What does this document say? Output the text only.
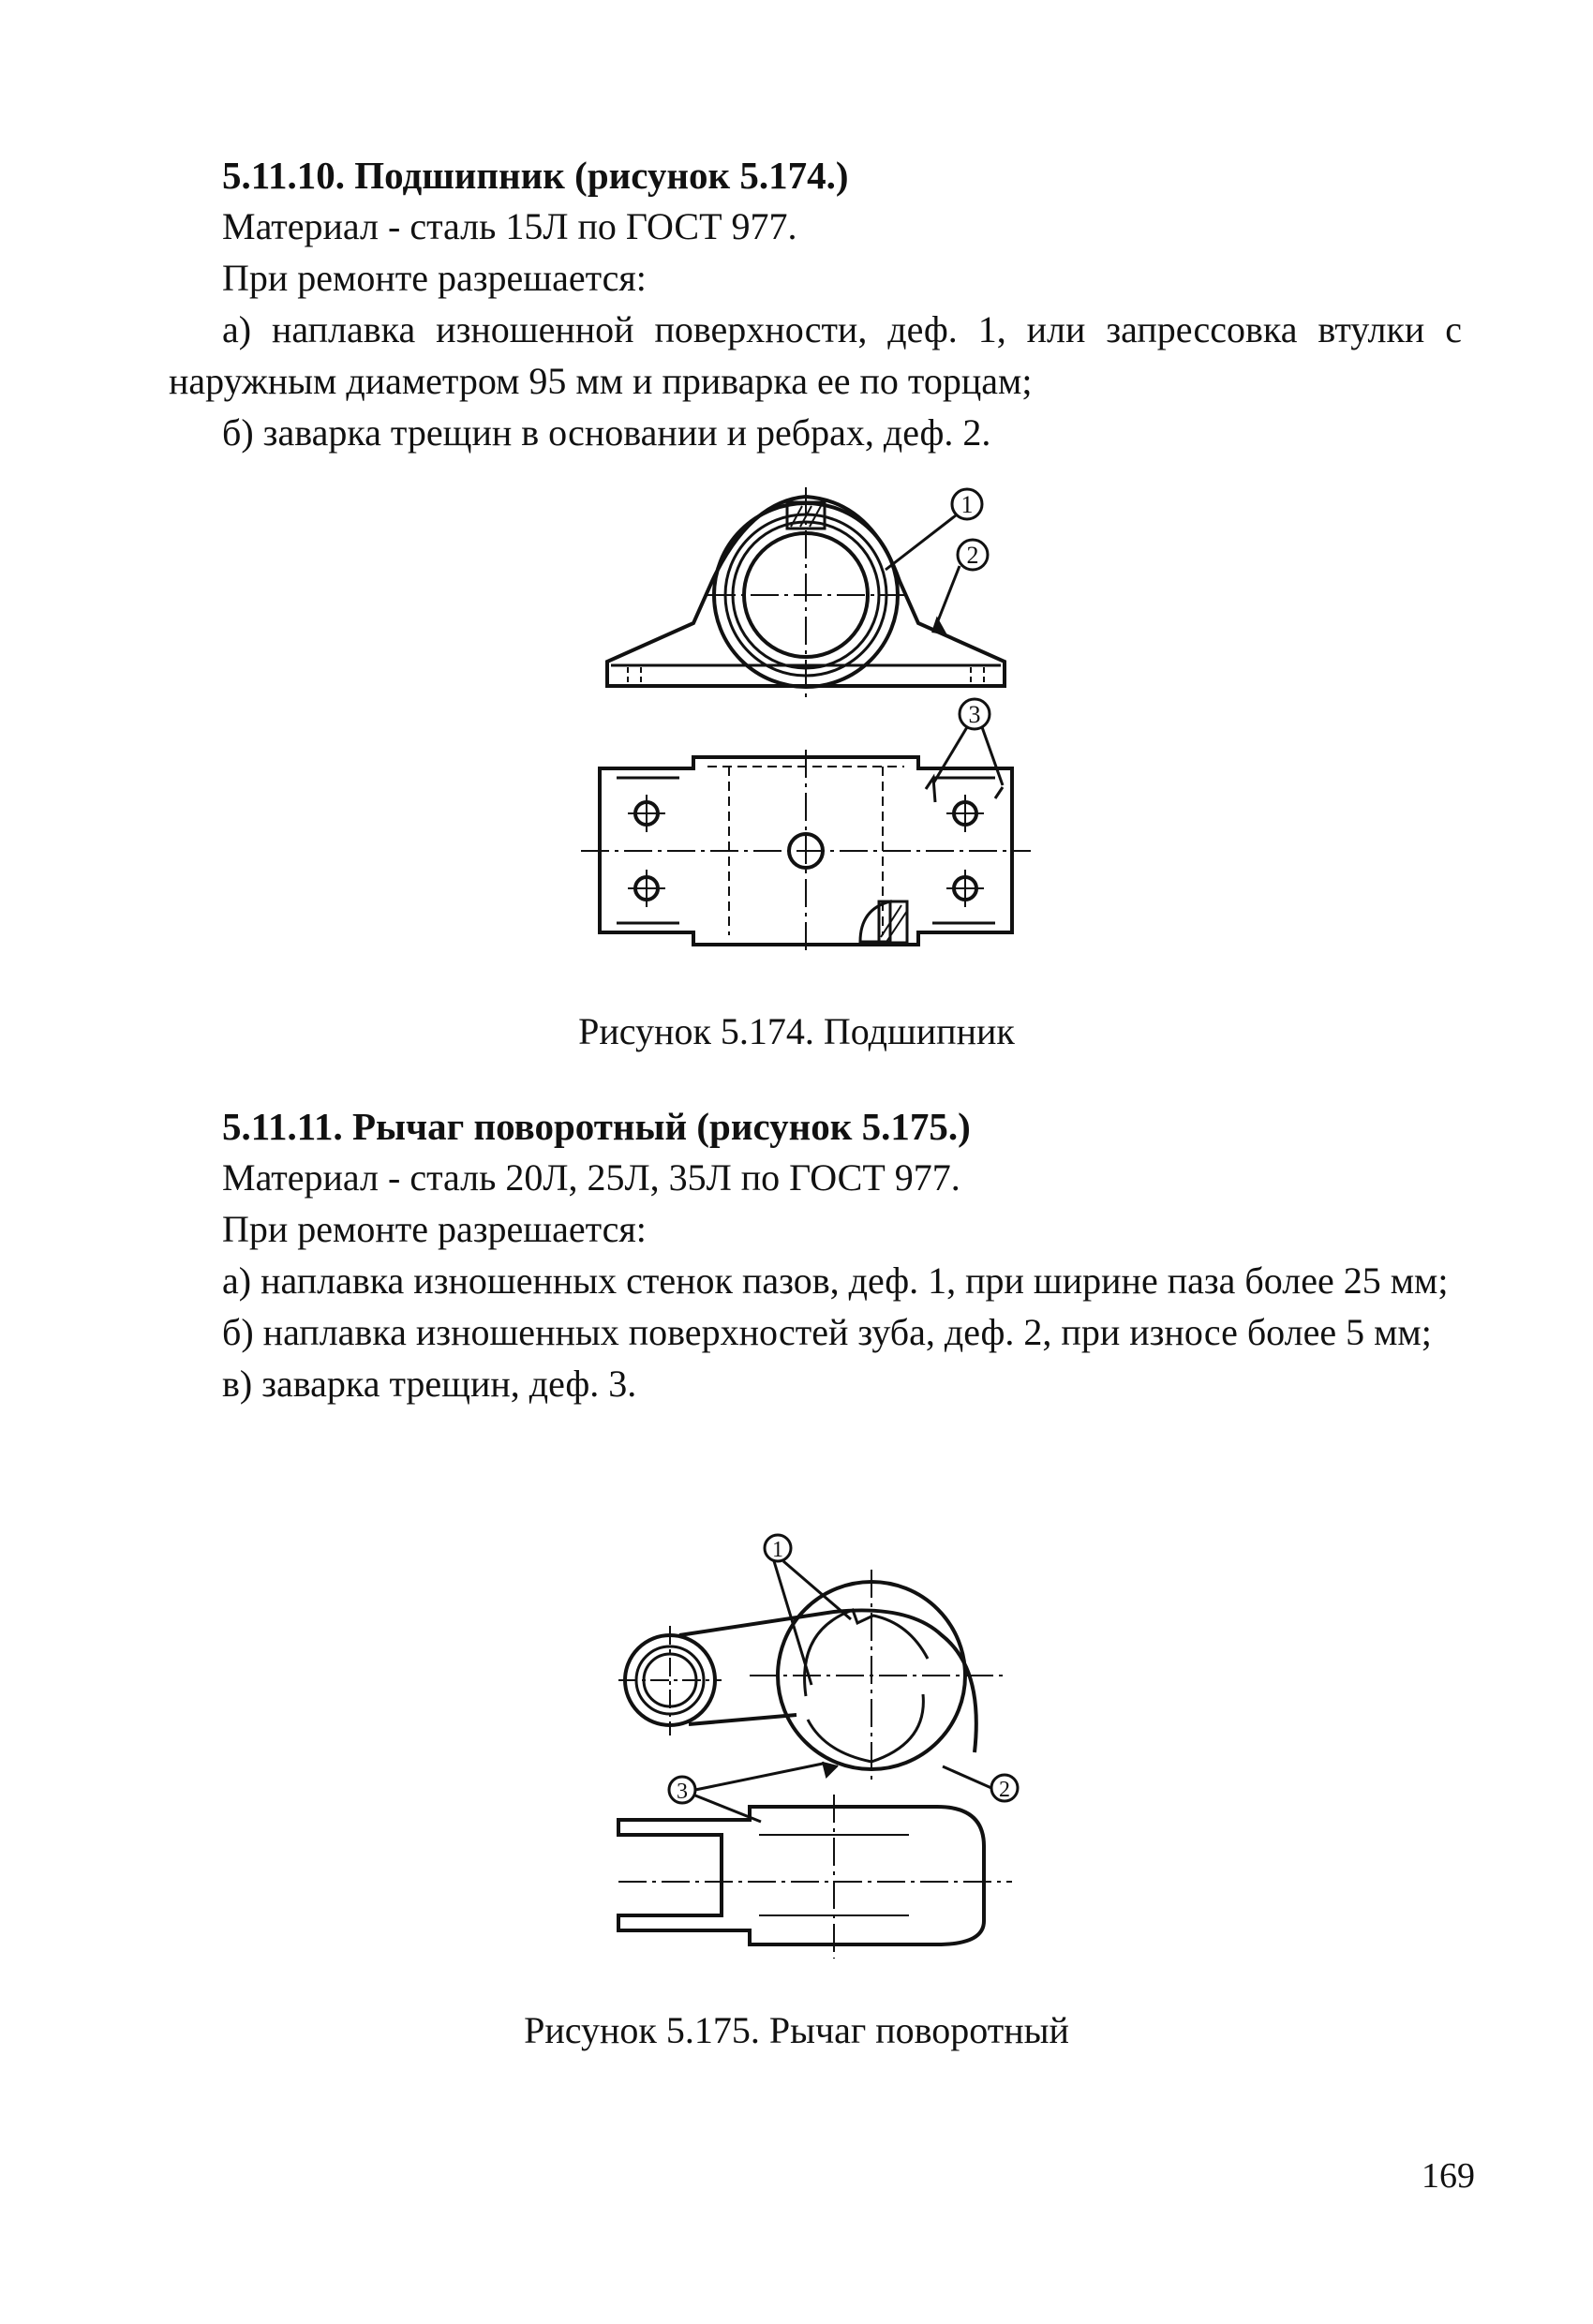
5.11.10. Подшипник (рисунок 5.174.)

Материал - сталь 15Л по ГОСТ 977.

При ремонте разрешается:

а) наплавка изношенной поверхности, деф. 1, или запрессовка втулки с наружным диаметром 95 мм и приварка ее по торцам;

б) заварка трещин в основании и ребрах, деф. 2.

1
2
3
Рисунок 5.174. Подшипник
5.11.11. Рычаг поворотный (рисунок 5.175.)

Материал - сталь 20Л, 25Л, 35Л по ГОСТ 977.

При ремонте разрешается:

а) наплавка изношенных стенок пазов, деф. 1, при ширине паза более 25 мм;

б) наплавка изношенных поверхностей зуба, деф. 2, при износе более 5 мм;

в) заварка трещин, деф. 3.

1
2
3
Рисунок 5.175. Рычаг поворотный
169
